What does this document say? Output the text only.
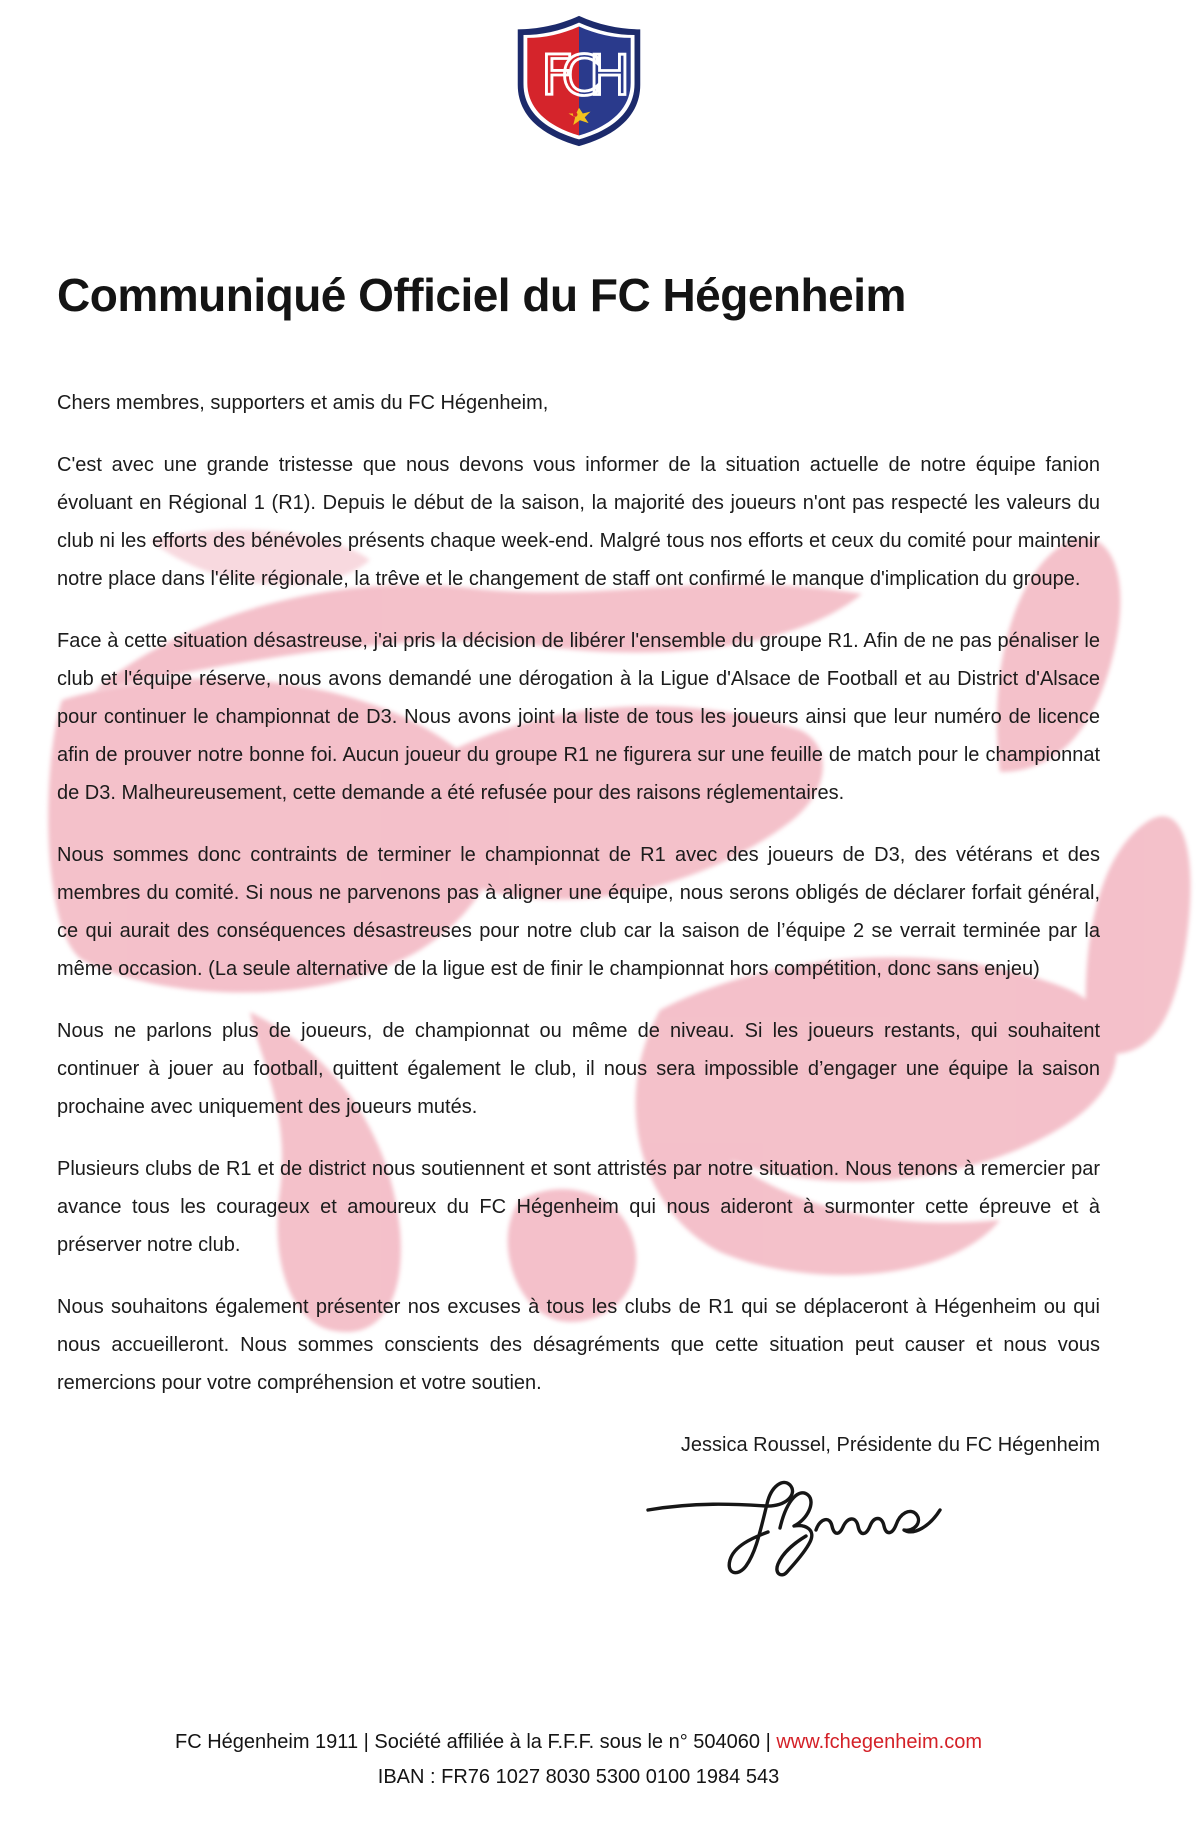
FCH
Communiqué Officiel du FC Hégenheim

Chers membres, supporters et amis du FC Hégenheim,

C'est avec une grande tristesse que nous devons vous informer de la situation actuelle de notre équipe fanion évoluant en Régional 1 (R1). Depuis le début de la saison, la majorité des joueurs n'ont pas respecté les valeurs du club ni les efforts des bénévoles présents chaque week-end. Malgré tous nos efforts et ceux du comité pour maintenir notre place dans l'élite régionale, la trêve et le changement de staff ont confirmé le manque d'implication du groupe.

Face à cette situation désastreuse, j'ai pris la décision de libérer l'ensemble du groupe R1. Afin de ne pas pénaliser le club et l'équipe réserve, nous avons demandé une dérogation à la Ligue d'Alsace de Football et au District d'Alsace pour continuer le championnat de D3. Nous avons joint la liste de tous les joueurs ainsi que leur numéro de licence afin de prouver notre bonne foi. Aucun joueur du groupe R1 ne figurera sur une feuille de match pour le championnat de D3. Malheureusement, cette demande a été refusée pour des raisons réglementaires.

Nous sommes donc contraints de terminer le championnat de R1 avec des joueurs de D3, des vétérans et des membres du comité. Si nous ne parvenons pas à aligner une équipe, nous serons obligés de déclarer forfait général, ce qui aurait des conséquences désastreuses pour notre club car la saison de l’équipe 2 se verrait terminée par la même occasion. (La seule alternative de la ligue est de finir le championnat hors compétition, donc sans enjeu)

Nous ne parlons plus de joueurs, de championnat ou même de niveau. Si les joueurs restants, qui souhaitent continuer à jouer au football, quittent également le club, il nous sera impossible d’engager une équipe la saison prochaine avec uniquement des joueurs mutés.

Plusieurs clubs de R1 et de district nous soutiennent et sont attristés par notre situation. Nous tenons à remercier par avance tous les courageux et amoureux du FC Hégenheim qui nous aideront à surmonter cette épreuve et à préserver notre club.

Nous souhaitons également présenter nos excuses à tous les clubs de R1 qui se déplaceront à Hégenheim ou qui nous accueilleront. Nous sommes conscients des désagréments que cette situation peut causer et nous vous remercions pour votre compréhension et votre soutien.

Jessica Roussel, Présidente du FC Hégenheim
FC Hégenheim 1911 | Société affiliée à la F.F.F. sous le n° 504060 | www.fchegenheim.com
IBAN : FR76 1027 8030 5300 0100 1984 543
